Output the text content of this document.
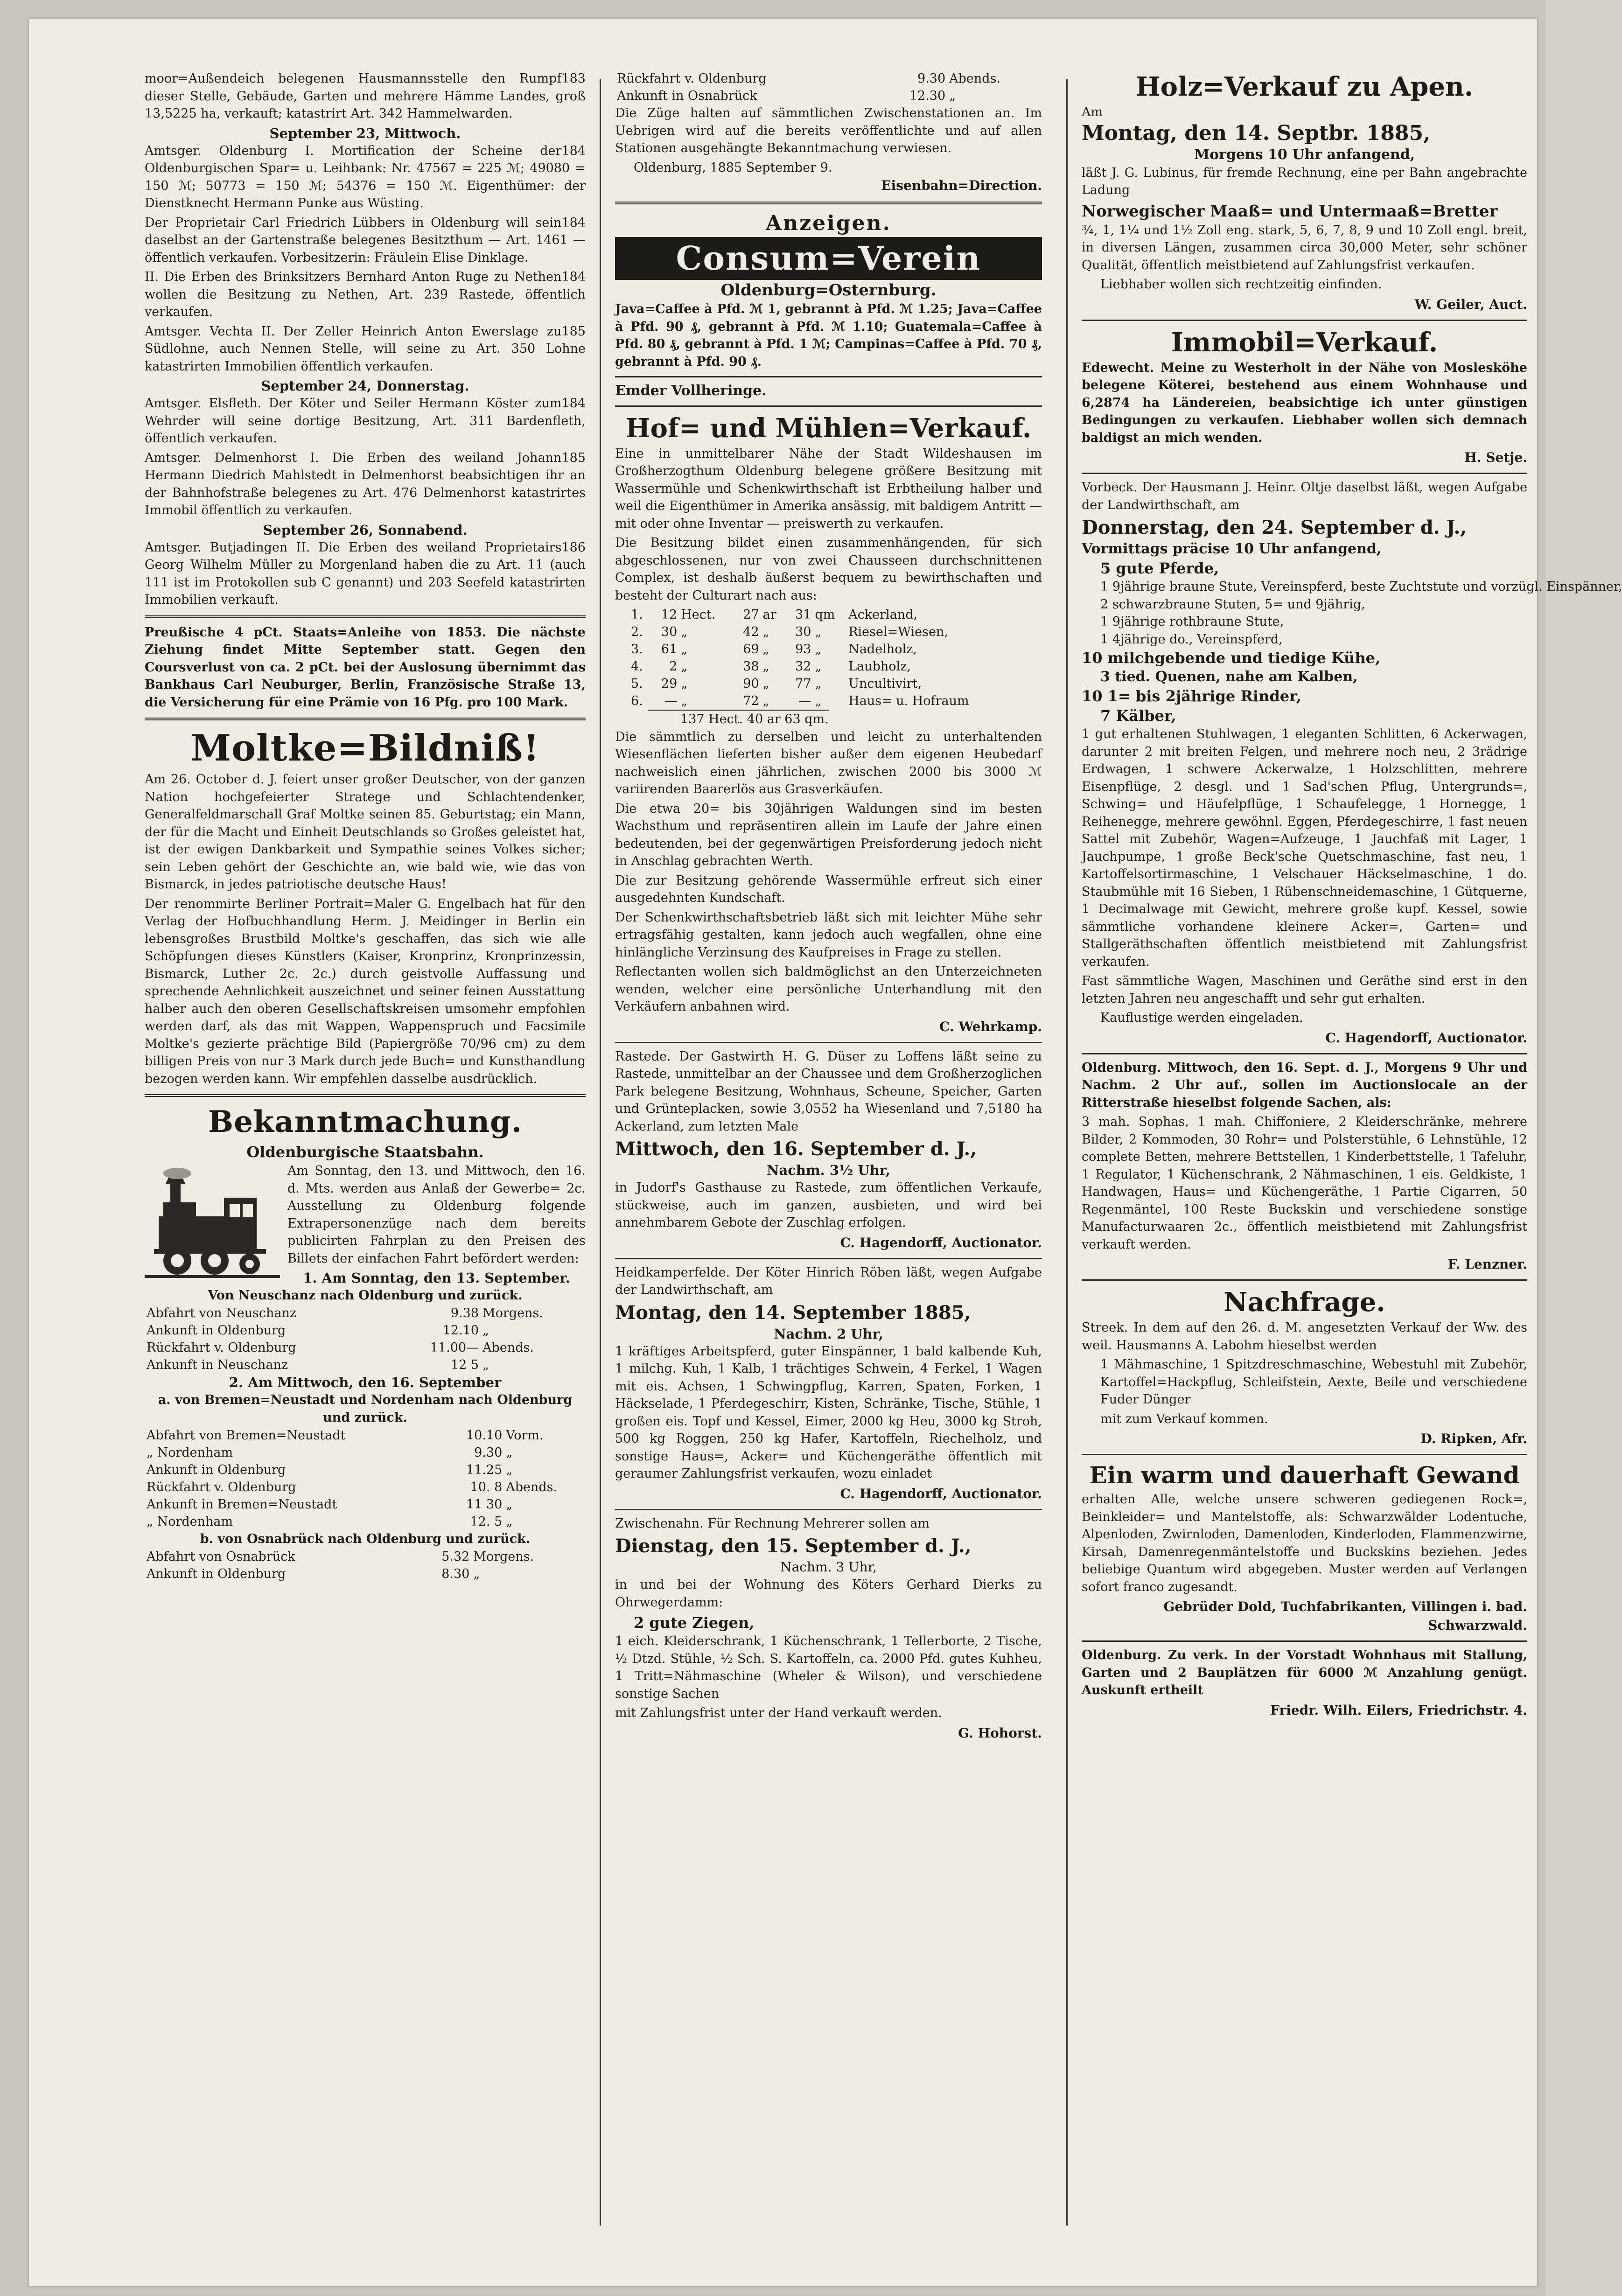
183
moor=Außendeich belegenen Hausmannsstelle den Rumpf dieser Stelle, Gebäude, Garten und mehrere Hämme Landes, groß 13,5225 ha, verkauft; katastrirt Art. 342 Hammelwarden.
September 23, Mittwoch.
184
Amtsger. Oldenburg I. Mortification der Scheine der Oldenburgischen Spar= u. Leihbank: Nr. 47567 = 225 ℳ; 49080 = 150 ℳ; 50773 = 150 ℳ; 54376 = 150 ℳ. Eigenthümer: der Dienstknecht Hermann Punke aus Wüsting.
184
Der Proprietair Carl Friedrich Lübbers in Oldenburg will sein daselbst an der Gartenstraße belegenes Besitzthum — Art. 1461 — öffentlich verkaufen. Vorbesitzerin: Fräulein Elise Dinklage.
184
II. Die Erben des Brinksitzers Bernhard Anton Ruge zu Nethen wollen die Besitzung zu Nethen, Art. 239 Rastede, öffentlich verkaufen.
185
Amtsger. Vechta II. Der Zeller Heinrich Anton Ewerslage zu Südlohne, auch Nennen Stelle, will seine zu Art. 350 Lohne katastrirten Immobilien öffentlich verkaufen.
September 24, Donnerstag.
184
Amtsger. Elsfleth. Der Köter und Seiler Hermann Köster zum Wehrder will seine dortige Besitzung, Art. 311 Bardenfleth, öffentlich verkaufen.
185
Amtsger. Delmenhorst I. Die Erben des weiland Johann Hermann Diedrich Mahlstedt in Delmenhorst beabsichtigen ihr an der Bahnhofstraße belegenes zu Art. 476 Delmenhorst katastrirtes Immobil öffentlich zu verkaufen.
September 26, Sonnabend.
186
Amtsger. Butjadingen II. Die Erben des weiland Proprietairs Georg Wilhelm Müller zu Morgenland haben die zu Art. 11 (auch 111 ist im Protokollen sub C genannt) und 203 Seefeld katastrirten Immobilien verkauft.
Preußische 4 pCt. Staats=Anleihe von 1853. Die nächste Ziehung findet Mitte September statt. Gegen den Coursverlust von ca. 2 pCt. bei der Auslosung übernimmt das Bankhaus Carl Neuburger, Berlin, Französische Straße 13, die Versicherung für eine Prämie von 16 Pfg. pro 100 Mark.
Moltke=Bildniß!
Am 26. October d. J. feiert unser großer Deutscher, von der ganzen Nation hochgefeierter Stratege und Schlachtendenker, Generalfeldmarschall Graf Moltke seinen 85. Geburtstag; ein Mann, der für die Macht und Einheit Deutschlands so Großes geleistet hat, ist der ewigen Dankbarkeit und Sympathie seines Volkes sicher; sein Leben gehört der Geschichte an, wie bald wie, wie das von Bismarck, in jedes patriotische deutsche Haus!
Der renommirte Berliner Portrait=Maler G. Engelbach hat für den Verlag der Hofbuchhandlung Herm. J. Meidinger in Berlin ein lebensgroßes Brustbild Moltke's geschaffen, das sich wie alle Schöpfungen dieses Künstlers (Kaiser, Kronprinz, Kronprinzessin, Bismarck, Luther 2c. 2c.) durch geistvolle Auffassung und sprechende Aehnlichkeit auszeichnet und seiner feinen Ausstattung halber auch den oberen Gesellschaftskreisen umsomehr empfohlen werden darf, als das mit Wappen, Wappenspruch und Facsimile Moltke's gezierte prächtige Bild (Papiergröße 70/96 cm) zu dem billigen Preis von nur 3 Mark durch jede Buch= und Kunsthandlung bezogen werden kann. Wir empfehlen dasselbe ausdrücklich.
Bekanntmachung.
Oldenburgische Staatsbahn.
Am Sonntag, den 13. und Mittwoch, den 16. d. Mts. werden aus Anlaß der Gewerbe= 2c. Ausstellung zu Oldenburg folgende Extrapersonenzüge nach dem bereits publicirten Fahrplan zu den Preisen des Billets der einfachen Fahrt befördert werden:
1. Am Sonntag, den 13. September.
Von Neuschanz nach Oldenburg und zurück.
Abfahrt von Neuschanz	9.38	Morgens.
Ankunft in Oldenburg	12.10	„
Rückfahrt v. Oldenburg	11.00—	Abends.
Ankunft in Neuschanz	12 5	„
2. Am Mittwoch, den 16. September
a. von Bremen=Neustadt und Nordenham nach Oldenburg und zurück.
Abfahrt von Bremen=Neustadt	10.10	Vorm.
„ Nordenham	9.30	„
Ankunft in Oldenburg	11.25	„
Rückfahrt v. Oldenburg	10. 8	Abends.
Ankunft in Bremen=Neustadt	11 30	„
„ Nordenham	12. 5	„
b. von Osnabrück nach Oldenburg und zurück.
Abfahrt von Osnabrück	5.32	Morgens.
Ankunft in Oldenburg	8.30	„
Rückfahrt v. Oldenburg	9.30	Abends.
Ankunft in Osnabrück	12.30	„
Die Züge halten auf sämmtlichen Zwischenstationen an. Im Uebrigen wird auf die bereits veröffentlichte und auf allen Stationen ausgehängte Bekanntmachung verwiesen.
Oldenburg, 1885 September 9.
Eisenbahn=Direction.
Anzeigen.
Consum=Verein
Oldenburg=Osternburg.
Java=Caffee à Pfd. ℳ 1, gebrannt à Pfd. ℳ 1.25; Java=Caffee à Pfd. 90 ₰, gebrannt à Pfd. ℳ 1.10; Guatemala=Caffee à Pfd. 80 ₰, gebrannt à Pfd. 1 ℳ; Campinas=Caffee à Pfd. 70 ₰, gebrannt à Pfd. 90 ₰.
Emder Vollheringe.
Hof= und Mühlen=Verkauf.
Eine in unmittelbarer Nähe der Stadt Wildeshausen im Großherzogthum Oldenburg belegene größere Besitzung mit Wassermühle und Schenkwirthschaft ist Erbtheilung halber und weil die Eigenthümer in Amerika ansässig, mit baldigem Antritt — mit oder ohne Inventar — preiswerth zu verkaufen.
Die Besitzung bildet einen zusammenhängenden, für sich abgeschlossenen, nur von zwei Chausseen durchschnittenen Complex, ist deshalb äußerst bequem zu bewirthschaften und besteht der Culturart nach aus:
1.	12	Hect.	27	ar	31	qm	Ackerland,
2.	30	„	42	„	30	„	Riesel=Wiesen,
3.	61	„	69	„	93	„	Nadelholz,
4.	2	„	38	„	32	„	Laubholz,
5.	29	„	90	„	77	„	Uncultivirt,
6.	—	„	72	„	—	„	Haus= u. Hofraum
137 Hect. 40 ar 63 qm.
Die sämmtlich zu derselben und leicht zu unterhaltenden Wiesenflächen lieferten bisher außer dem eigenen Heubedarf nachweislich einen jährlichen, zwischen 2000 bis 3000 ℳ variirenden Baarerlös aus Grasverkäufen.
Die etwa 20= bis 30jährigen Waldungen sind im besten Wachsthum und repräsentiren allein im Laufe der Jahre einen bedeutenden, bei der gegenwärtigen Preisforderung jedoch nicht in Anschlag gebrachten Werth.
Die zur Besitzung gehörende Wassermühle erfreut sich einer ausgedehnten Kundschaft.
Der Schenkwirthschaftsbetrieb läßt sich mit leichter Mühe sehr ertragsfähig gestalten, kann jedoch auch wegfallen, ohne eine hinlängliche Verzinsung des Kaufpreises in Frage zu stellen.
Reflectanten wollen sich baldmöglichst an den Unterzeichneten wenden, welcher eine persönliche Unterhandlung mit den Verkäufern anbahnen wird.
C. Wehrkamp.
Rastede. Der Gastwirth H. G. Düser zu Loffens läßt seine zu Rastede, unmittelbar an der Chaussee und dem Großherzoglichen Park belegene Besitzung, Wohnhaus, Scheune, Speicher, Garten und Grünteplacken, sowie 3,0552 ha Wiesenland und 7,5180 ha Ackerland, zum letzten Male
Mittwoch, den 16. September d. J.,
Nachm. 3½ Uhr,
in Judorf's Gasthause zu Rastede, zum öffentlichen Verkaufe, stückweise, auch im ganzen, ausbieten, und wird bei annehmbarem Gebote der Zuschlag erfolgen.
C. Hagendorff, Auctionator.
Heidkamperfelde. Der Köter Hinrich Röben läßt, wegen Aufgabe der Landwirthschaft, am
Montag, den 14. September 1885,
Nachm. 2 Uhr,
1 kräftiges Arbeitspferd, guter Einspänner, 1 bald kalbende Kuh, 1 milchg. Kuh, 1 Kalb, 1 trächtiges Schwein, 4 Ferkel, 1 Wagen mit eis. Achsen, 1 Schwingpflug, Karren, Spaten, Forken, 1 Häckselade, 1 Pferdegeschirr, Kisten, Schränke, Tische, Stühle, 1 großen eis. Topf und Kessel, Eimer, 2000 kg Heu, 3000 kg Stroh, 500 kg Roggen, 250 kg Hafer, Kartoffeln, Riechelholz, und sonstige Haus=, Acker= und Küchengeräthe öffentlich mit geraumer Zahlungsfrist verkaufen, wozu einladet
C. Hagendorff, Auctionator.
Zwischenahn. Für Rechnung Mehrerer sollen am
Dienstag, den 15. September d. J.,
Nachm. 3 Uhr,
in und bei der Wohnung des Köters Gerhard Dierks zu Ohrwegerdamm:
2 gute Ziegen,
1 eich. Kleiderschrank, 1 Küchenschrank, 1 Tellerborte, 2 Tische, ½ Dtzd. Stühle, ½ Sch. S. Kartoffeln, ca. 2000 Pfd. gutes Kuhheu, 1 Tritt=Nähmaschine (Wheler & Wilson), und verschiedene sonstige Sachen
mit Zahlungsfrist unter der Hand verkauft werden.
G. Hohorst.
Holz=Verkauf zu Apen.
Am
Montag, den 14. Septbr. 1885,
Morgens 10 Uhr anfangend,
läßt J. G. Lubinus, für fremde Rechnung, eine per Bahn angebrachte Ladung
Norwegischer Maaß= und Untermaaß=Bretter
¾, 1, 1¼ und 1½ Zoll eng. stark, 5, 6, 7, 8, 9 und 10 Zoll engl. breit, in diversen Längen, zusammen circa 30,000 Meter, sehr schöner Qualität, öffentlich meistbietend auf Zahlungsfrist verkaufen.
Liebhaber wollen sich rechtzeitig einfinden.
W. Geiler, Auct.
Immobil=Verkauf.
Edewecht. Meine zu Westerholt in der Nähe von Moslesköhe belegene Köterei, bestehend aus einem Wohnhause und 6,2874 ha Ländereien, beabsichtige ich unter günstigen Bedingungen zu verkaufen. Liebhaber wollen sich demnach baldigst an mich wenden.
H. Setje.
Vorbeck. Der Hausmann J. Heinr. Oltje daselbst läßt, wegen Aufgabe der Landwirthschaft, am
Donnerstag, den 24. September d. J.,
Vormittags präcise 10 Uhr anfangend,
5 gute Pferde,
1 9jährige braune Stute, Vereinspferd, beste Zuchtstute und vorzügl. Einspänner,
2 schwarzbraune Stuten, 5= und 9jährig,
1 9jährige rothbraune Stute,
1 4jährige do., Vereinspferd,
10 milchgebende und tiedige Kühe,
3 tied. Quenen, nahe am Kalben,
10 1= bis 2jährige Rinder,
7 Kälber,
1 gut erhaltenen Stuhlwagen, 1 eleganten Schlitten, 6 Ackerwagen, darunter 2 mit breiten Felgen, und mehrere noch neu, 2 3rädrige Erdwagen, 1 schwere Ackerwalze, 1 Holzschlitten, mehrere Eisenpflüge, 2 desgl. und 1 Sad'schen Pflug, Untergrunds=, Schwing= und Häufelpflüge, 1 Schaufelegge, 1 Hornegge, 1 Reihenegge, mehrere gewöhnl. Eggen, Pferdegeschirre, 1 fast neuen Sattel mit Zubehör, Wagen=Aufzeuge, 1 Jauchfaß mit Lager, 1 Jauchpumpe, 1 große Beck'sche Quetschmaschine, fast neu, 1 Kartoffelsortirmaschine, 1 Velschauer Häckselmaschine, 1 do. Staubmühle mit 16 Sieben, 1 Rübenschneidemaschine, 1 Gütquerne, 1 Decimalwage mit Gewicht, mehrere große kupf. Kessel, sowie sämmtliche vorhandene kleinere Acker=, Garten= und Stallgeräthschaften öffentlich meistbietend mit Zahlungsfrist verkaufen.
Fast sämmtliche Wagen, Maschinen und Geräthe sind erst in den letzten Jahren neu angeschafft und sehr gut erhalten.
Kauflustige werden eingeladen.
C. Hagendorff, Auctionator.
Oldenburg. Mittwoch, den 16. Sept. d. J., Morgens 9 Uhr und Nachm. 2 Uhr auf., sollen im Auctionslocale an der Ritterstraße hieselbst folgende Sachen, als:
3 mah. Sophas, 1 mah. Chiffoniere, 2 Kleiderschränke, mehrere Bilder, 2 Kommoden, 30 Rohr= und Polsterstühle, 6 Lehnstühle, 12 complete Betten, mehrere Bettstellen, 1 Kinderbettstelle, 1 Tafeluhr, 1 Regulator, 1 Küchenschrank, 2 Nähmaschinen, 1 eis. Geldkiste, 1 Handwagen, Haus= und Küchengeräthe, 1 Partie Cigarren, 50 Regenmäntel, 100 Reste Buckskin und verschiedene sonstige Manufacturwaaren 2c., öffentlich meistbietend mit Zahlungsfrist verkauft werden.
F. Lenzner.
Nachfrage.
Streek. In dem auf den 26. d. M. angesetzten Verkauf der Ww. des weil. Hausmanns A. Labohm hieselbst werden
1 Mähmaschine, 1 Spitzdreschmaschine, Webestuhl mit Zubehör, Kartoffel=Hackpflug, Schleifstein, Aexte, Beile und verschiedene Fuder Dünger
mit zum Verkauf kommen.
D. Ripken, Afr.
Ein warm und dauerhaft Gewand
erhalten Alle, welche unsere schweren gediegenen Rock=, Beinkleider= und Mantelstoffe, als: Schwarzwälder Lodentuche, Alpenloden, Zwirnloden, Damenloden, Kinderloden, Flammenzwirne, Kirsah, Damenregenmäntelstoffe und Buckskins beziehen. Jedes beliebige Quantum wird abgegeben. Muster werden auf Verlangen sofort franco zugesandt.
Gebrüder Dold, Tuchfabrikanten, Villingen i. bad. Schwarzwald.
Oldenburg. Zu verk. In der Vorstadt Wohnhaus mit Stallung, Garten und 2 Bauplätzen für 6000 ℳ Anzahlung genügt. Auskunft ertheilt
Friedr. Wilh. Eilers, Friedrichstr. 4.
